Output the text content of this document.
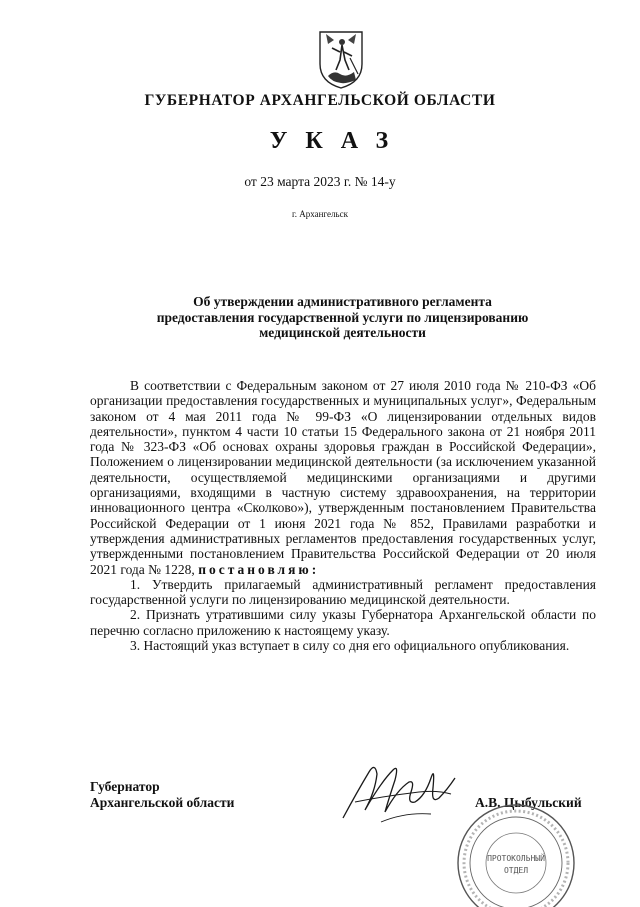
ГУБЕРНАТОР АРХАНГЕЛЬСКОЙ ОБЛАСТИ
УКАЗ
от 23 марта 2023 г. № 14-у
г. Архангельск
Об утверждении административного регламента
предоставления государственной услуги по лицензированию
медицинской деятельности

В соответствии с Федеральным законом от 27 июля 2010 года № 210-ФЗ «Об организации предоставления государственных и муниципальных услуг», Федеральным законом от 4 мая 2011 года № 99-ФЗ «О лицензировании отдельных видов деятельности», пунктом 4 части 10 статьи 15 Федерального закона от 21 ноября 2011 года № 323-ФЗ «Об основах охраны здоровья граждан в Российской Федерации», Положением о лицензировании медицинской деятельности (за исключением указанной деятельности, осуществляемой медицинскими организациями и другими организациями, входящими в частную систему здравоохранения, на территории инновационного центра «Сколково»), утвержденным постановлением Правительства Российской Федерации от 1 июня 2021 года № 852, Правилами разработки и утверждения административных регламентов предоставления государственных услуг, утвержденными постановлением Правительства Российской Федерации от 20 июля 2021 года № 1228, постановляю:

1. Утвердить прилагаемый административный регламент предоставления государственной услуги по лицензированию медицинской деятельности.

2. Признать утратившими силу указы Губернатора Архангельской области по перечню согласно приложению к настоящему указу.

3. Настоящий указ вступает в силу со дня его официального опубликования.

Губернатор
Архангельской области	А.В. Цыбульский
ПРОТОКОЛЬНЫЙ
ОТДЕЛ
